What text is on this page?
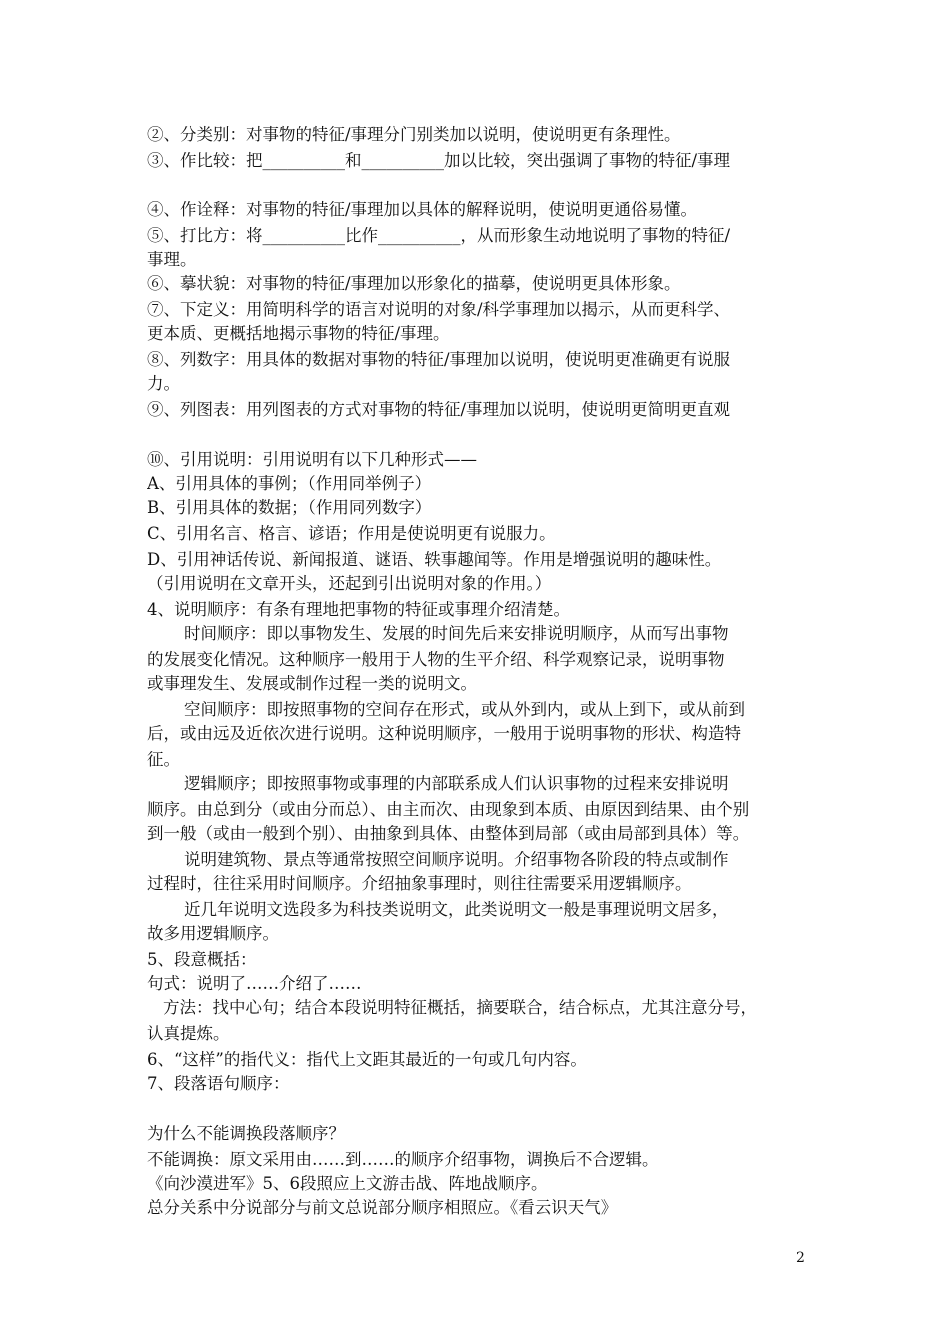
②、分类别：对事物的特征/事理分门别类加以说明，使说明更有条理性。
③、作比较：把__________和__________加以比较，突出强调了事物的特征/事理
④、作诠释：对事物的特征/事理加以具体的解释说明，使说明更通俗易懂。
⑤、打比方：将__________比作__________，从而形象生动地说明了事物的特征/
事理。
⑥、摹状貌：对事物的特征/事理加以形象化的描摹，使说明更具体形象。
⑦、下定义：用简明科学的语言对说明的对象/科学事理加以揭示，从而更科学、
更本质、更概括地揭示事物的特征/事理。
⑧、列数字：用具体的数据对事物的特征/事理加以说明，使说明更准确更有说服
力。
⑨、列图表：用列图表的方式对事物的特征/事理加以说明，使说明更简明更直观
⑩、引用说明：引用说明有以下几种形式——
A、引用具体的事例；（作用同举例子）
B、引用具体的数据；（作用同列数字）
C、引用名言、格言、谚语；作用是使说明更有说服力。
D、引用神话传说、新闻报道、谜语、轶事趣闻等。作用是增强说明的趣味性。
（引用说明在文章开头，还起到引出说明对象的作用。）
4、说明顺序：有条有理地把事物的特征或事理介绍清楚。
时间顺序：即以事物发生、发展的时间先后来安排说明顺序，从而写出事物
的发展变化情况。这种顺序一般用于人物的生平介绍、科学观察记录，说明事物
或事理发生、发展或制作过程一类的说明文。
空间顺序：即按照事物的空间存在形式，或从外到内，或从上到下，或从前到
后，或由远及近依次进行说明。这种说明顺序，一般用于说明事物的形状、构造特
征。
逻辑顺序；即按照事物或事理的内部联系成人们认识事物的过程来安排说明
顺序。由总到分（或由分而总）、由主而次、由现象到本质、由原因到结果、由个别
到一般（或由一般到个别）、由抽象到具体、由整体到局部（或由局部到具体）等。
说明建筑物、景点等通常按照空间顺序说明。介绍事物各阶段的特点或制作
过程时，往往采用时间顺序。介绍抽象事理时，则往往需要采用逻辑顺序。
近几年说明文选段多为科技类说明文，此类说明文一般是事理说明文居多，
故多用逻辑顺序。
5、段意概括：
句式：说明了……介绍了……
方法：找中心句；结合本段说明特征概括，摘要联合，结合标点，尤其注意分号，
认真提炼。
6、“这样”的指代义：指代上文距其最近的一句或几句内容。
7、段落语句顺序：
为什么不能调换段落顺序？
不能调换：原文采用由……到……的顺序介绍事物，调换后不合逻辑。
《向沙漠进军》5、6段照应上文游击战、阵地战顺序。
总分关系中分说部分与前文总说部分顺序相照应。《看云识天气》
2
